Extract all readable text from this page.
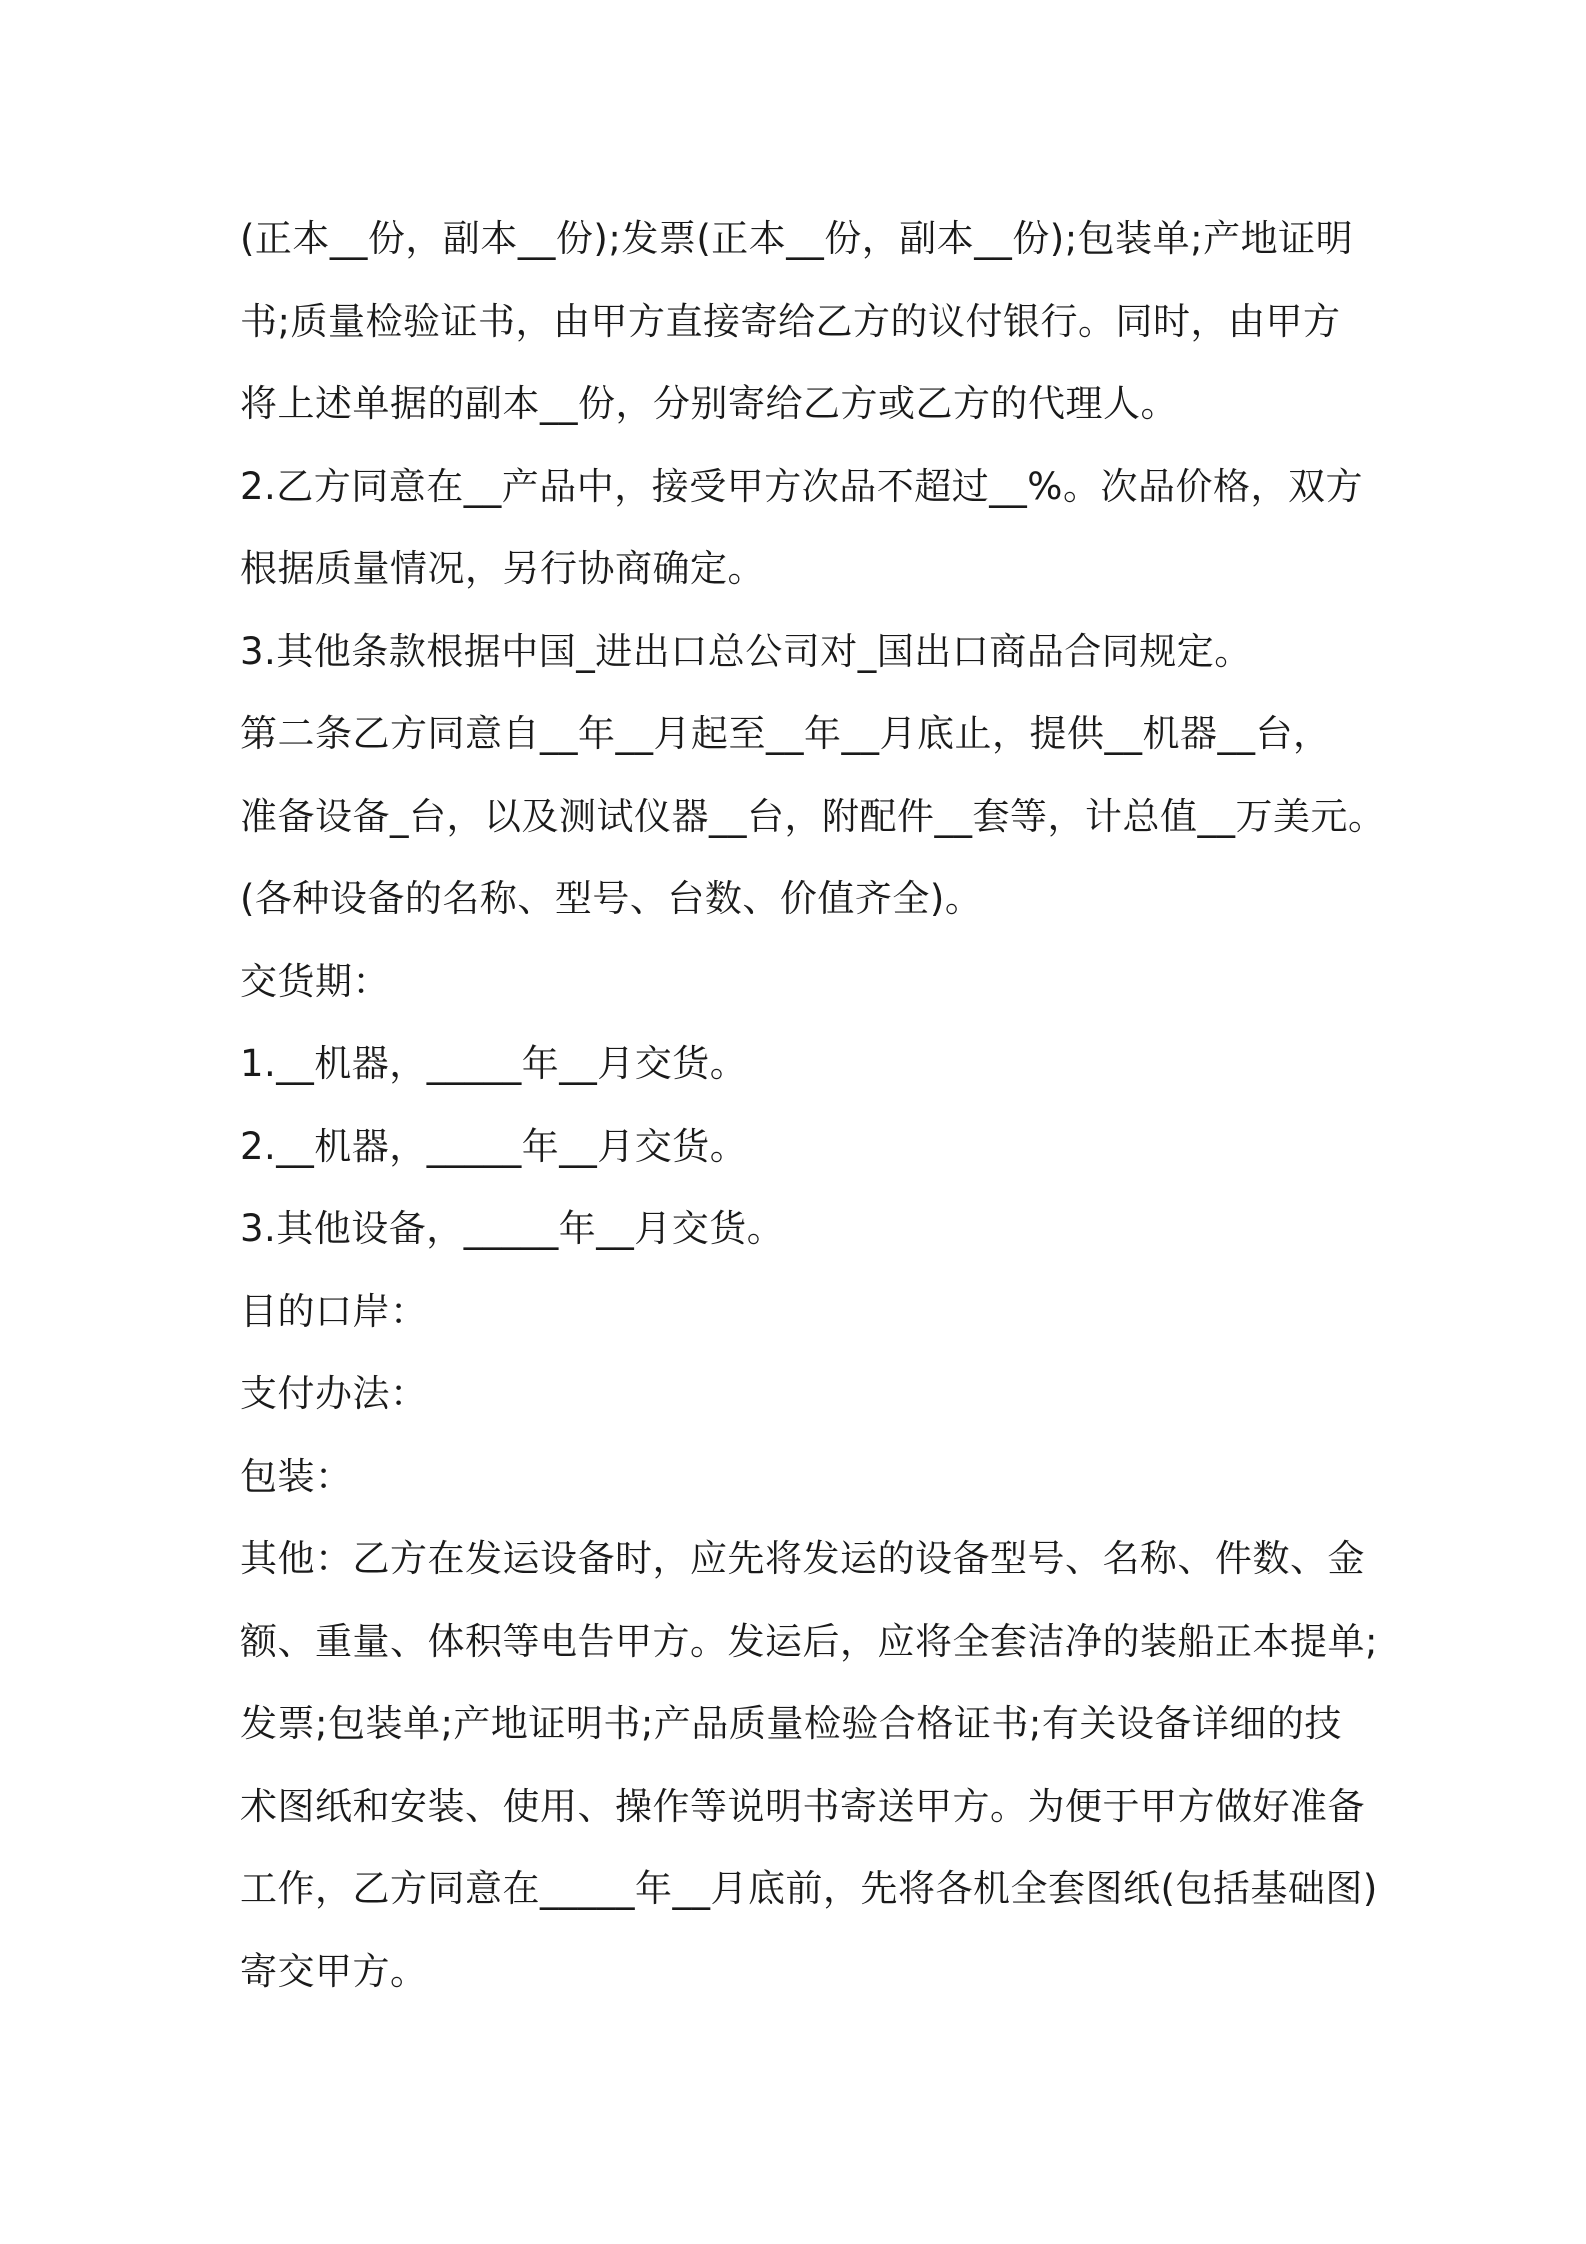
(正本__份，副本__份);发票(正本__份，副本__份);包装单;产地证明
书;质量检验证书，由甲方直接寄给乙方的议付银行。同时，由甲方
将上述单据的副本__份，分别寄给乙方或乙方的代理人。
2.乙方同意在__产品中，接受甲方次品不超过__%。次品价格，双方
根据质量情况，另行协商确定。
3.其他条款根据中国_进出口总公司对_国出口商品合同规定。
第二条乙方同意自__年__月起至__年__月底止，提供__机器__台，
准备设备_台，以及测试仪器__台，附配件__套等，计总值__万美元。
(各种设备的名称、型号、台数、价值齐全)。
交货期：
1.__机器，_____年__月交货。
2.__机器，_____年__月交货。
3.其他设备，_____年__月交货。
目的口岸：
支付办法：
包装：
其他：乙方在发运设备时，应先将发运的设备型号、名称、件数、金
额、重量、体积等电告甲方。发运后，应将全套洁净的装船正本提单;
发票;包装单;产地证明书;产品质量检验合格证书;有关设备详细的技
术图纸和安装、使用、操作等说明书寄送甲方。为便于甲方做好准备
工作，乙方同意在_____年__月底前，先将各机全套图纸(包括基础图)
寄交甲方。
